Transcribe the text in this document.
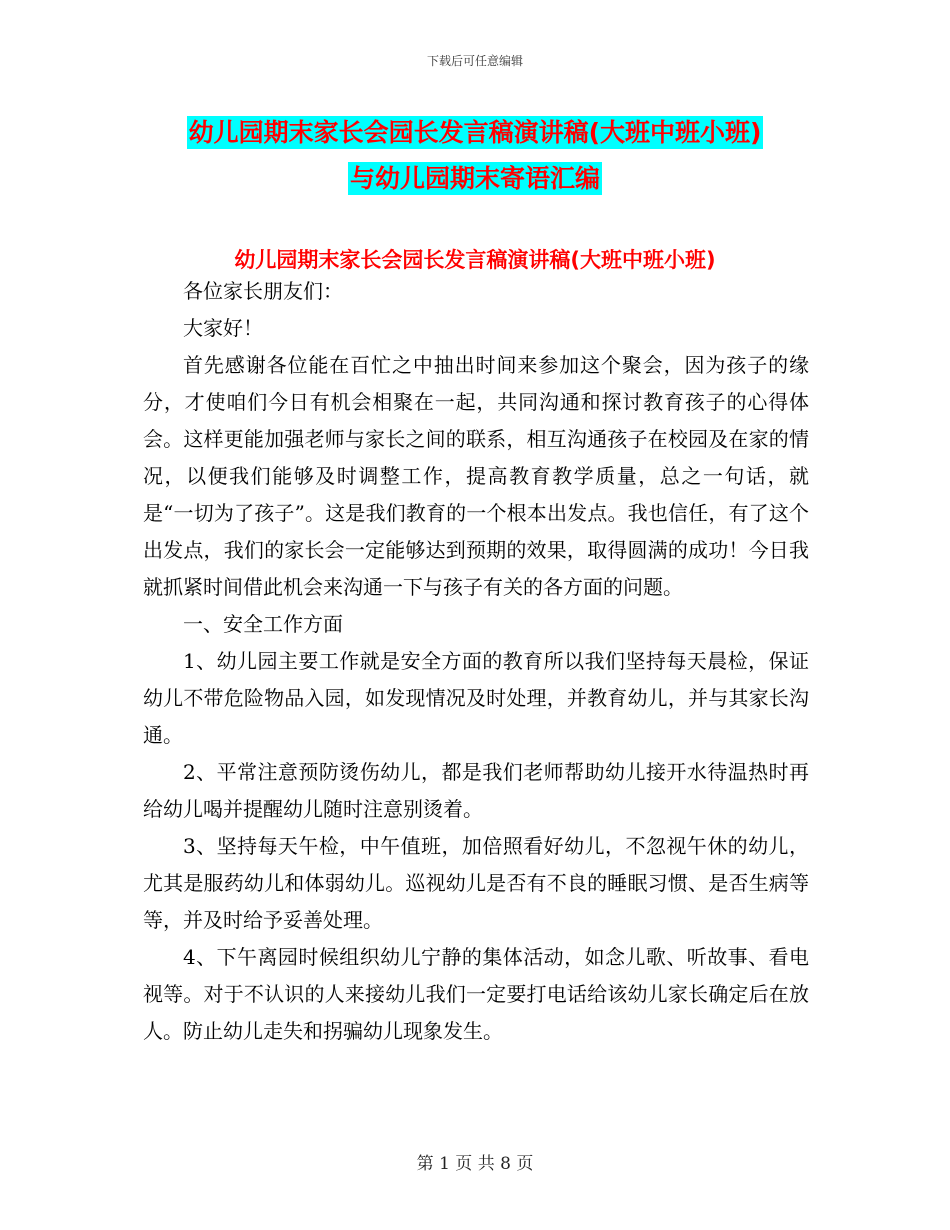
下载后可任意编辑
幼儿园期末家长会园长发言稿演讲稿(大班中班小班)
与幼儿园期末寄语汇编
幼儿园期末家长会园长发言稿演讲稿(大班中班小班)

各位家长朋友们：

大家好！

首先感谢各位能在百忙之中抽出时间来参加这个聚会，因为孩子的缘分，才使咱们今日有机会相聚在一起，共同沟通和探讨教育孩子的心得体会。这样更能加强老师与家长之间的联系，相互沟通孩子在校园及在家的情况，以便我们能够及时调整工作，提高教育教学质量，总之一句话，就是“一切为了孩子”。这是我们教育的一个根本出发点。我也信任，有了这个出发点，我们的家长会一定能够达到预期的效果，取得圆满的成功！今日我就抓紧时间借此机会来沟通一下与孩子有关的各方面的问题。

一、安全工作方面

1、幼儿园主要工作就是安全方面的教育所以我们坚持每天晨检，保证幼儿不带危险物品入园，如发现情况及时处理，并教育幼儿，并与其家长沟通。

2、平常注意预防烫伤幼儿，都是我们老师帮助幼儿接开水待温热时再给幼儿喝并提醒幼儿随时注意别烫着。

3、坚持每天午检，中午值班，加倍照看好幼儿，不忽视午休的幼儿，尤其是服药幼儿和体弱幼儿。巡视幼儿是否有不良的睡眠习惯、是否生病等等，并及时给予妥善处理。

4、下午离园时候组织幼儿宁静的集体活动，如念儿歌、听故事、看电视等。对于不认识的人来接幼儿我们一定要打电话给该幼儿家长确定后在放人。防止幼儿走失和拐骗幼儿现象发生。

第 1 页 共 8 页
